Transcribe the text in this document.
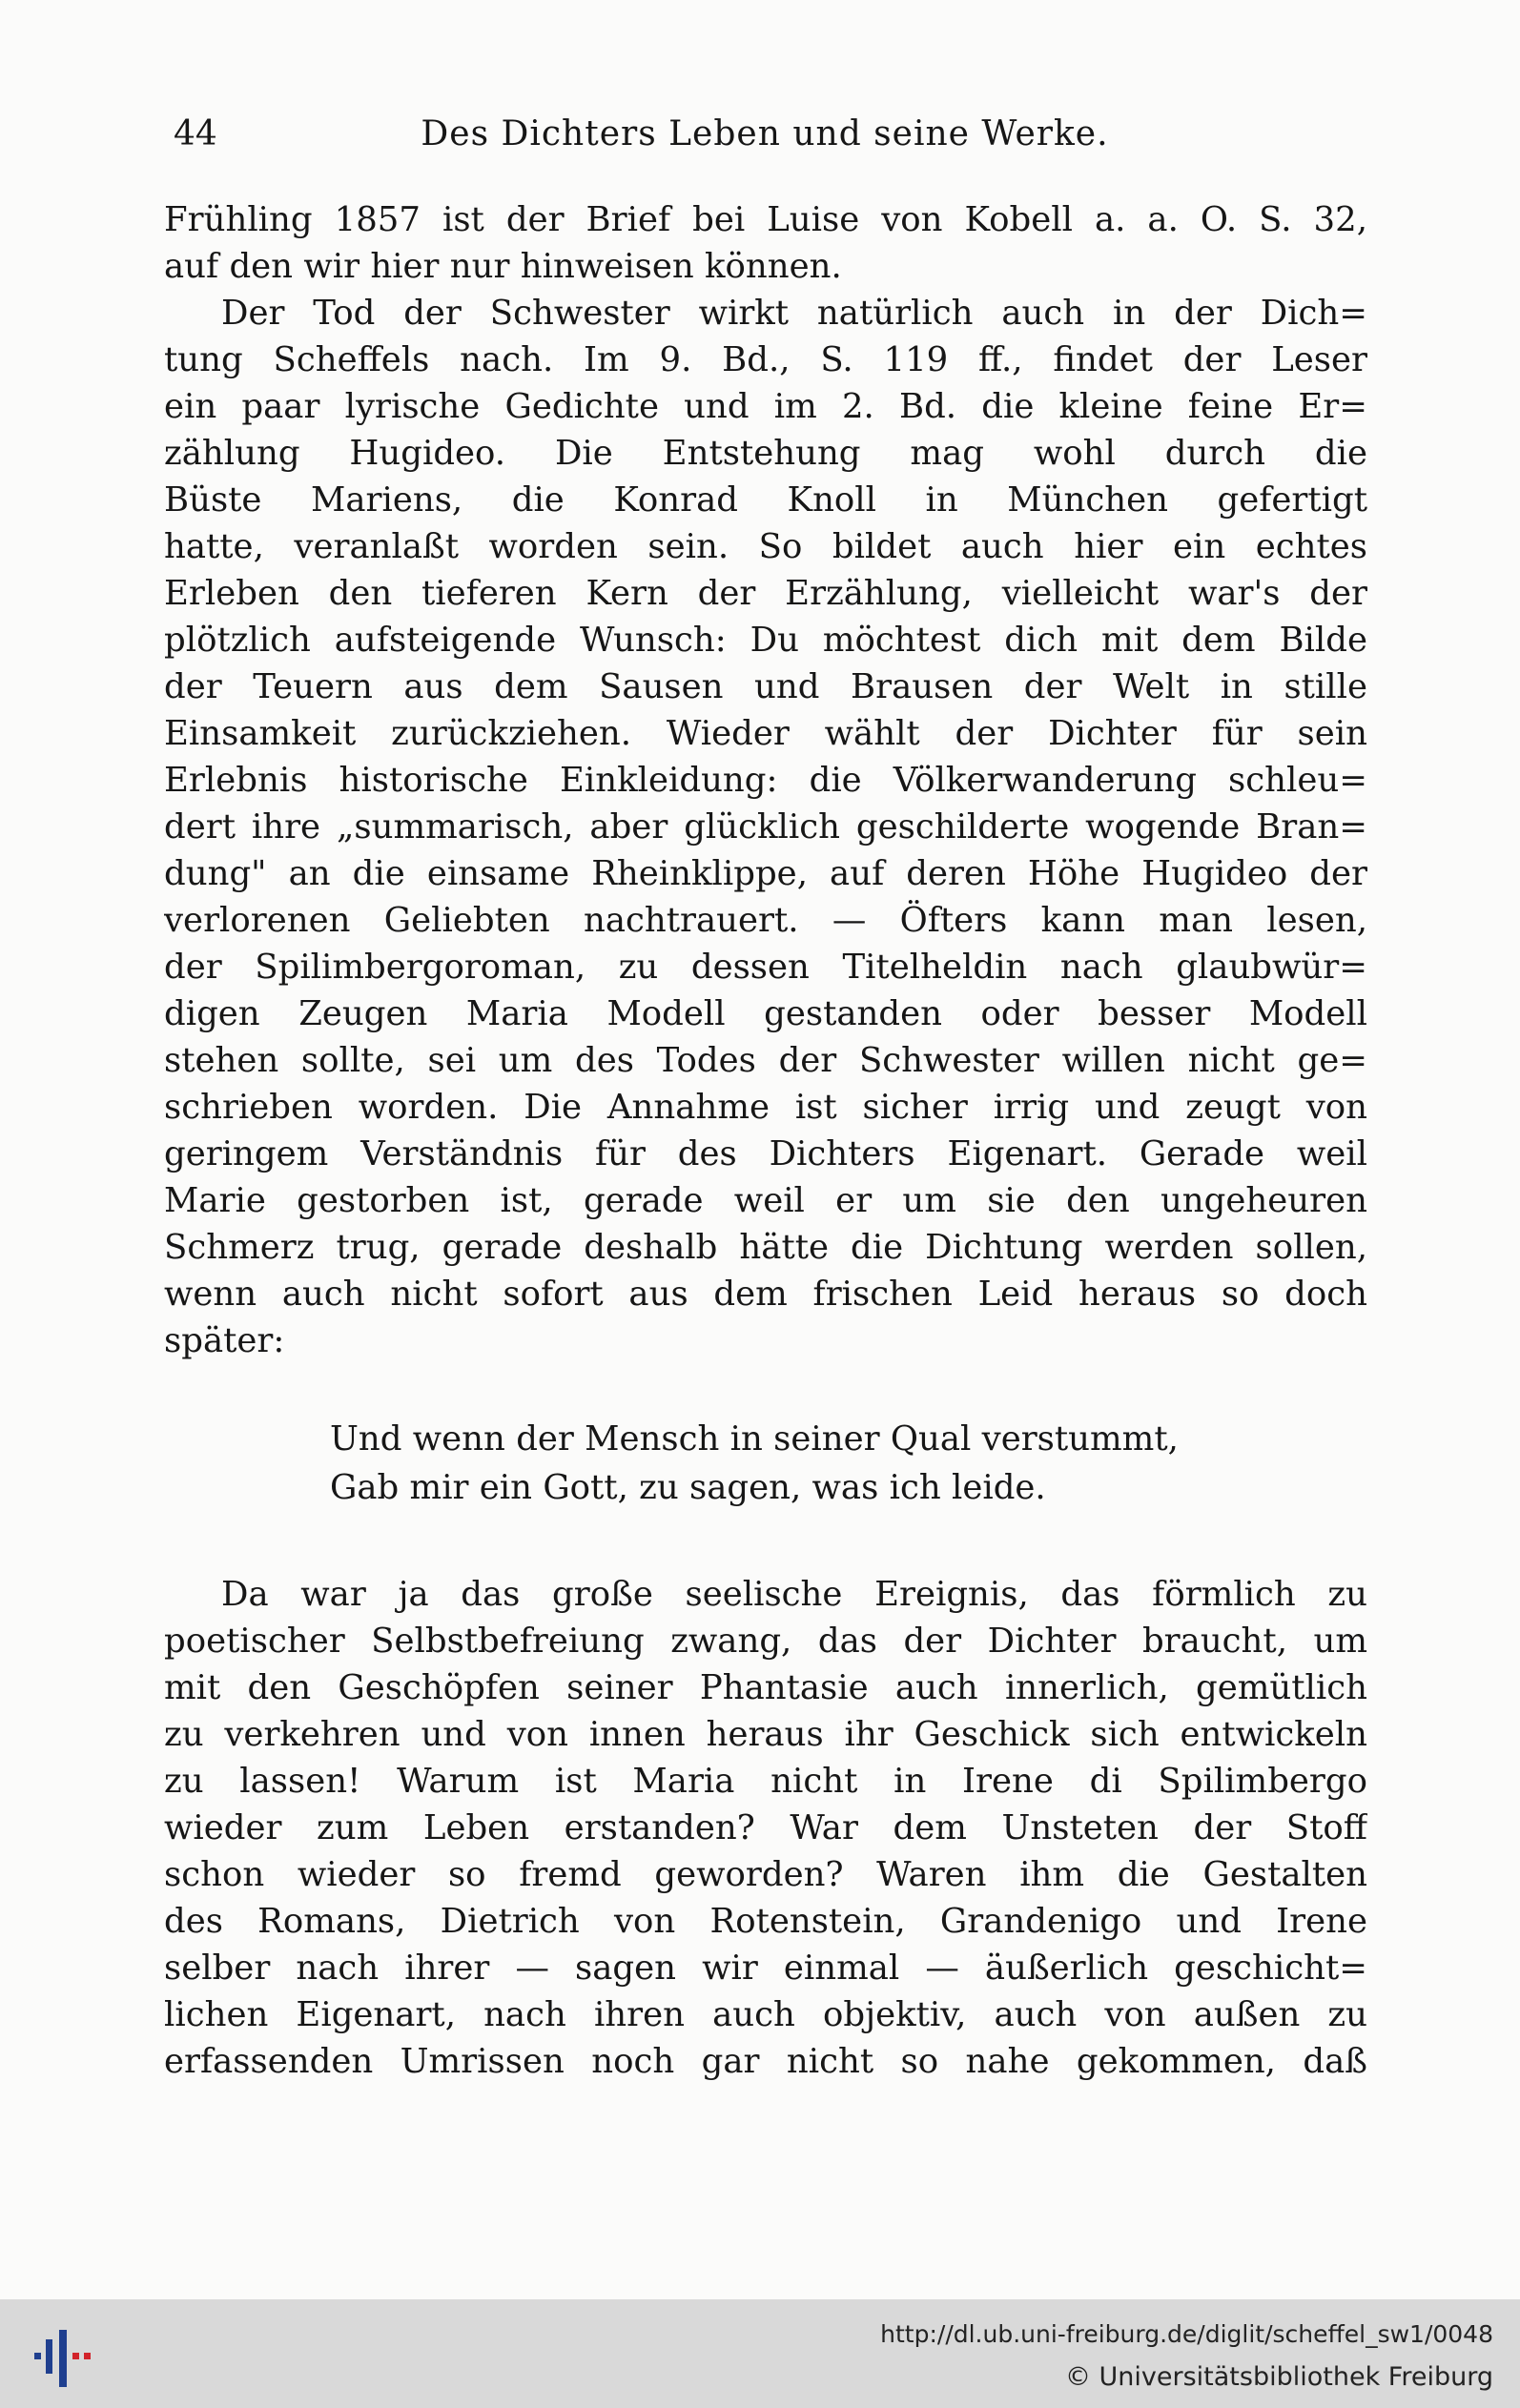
44	Des Dichters Leben und seine Werke.
Frühling 1857 ist der Brief bei Luise von Kobell a. a. O. S. 32,
auf den wir hier nur hinweisen können.
Der Tod der Schwester wirkt natürlich auch in der Dich=
tung Scheffels nach. Im 9. Bd., S. 119 ff., findet der Leser
ein paar lyrische Gedichte und im 2. Bd. die kleine feine Er=
zählung Hugideo. Die Entstehung mag wohl durch die
Büste Mariens, die Konrad Knoll in München gefertigt
hatte, veranlaßt worden sein. So bildet auch hier ein echtes
Erleben den tieferen Kern der Erzählung, vielleicht war's der
plötzlich aufsteigende Wunsch: Du möchtest dich mit dem Bilde
der Teuern aus dem Sausen und Brausen der Welt in stille
Einsamkeit zurückziehen. Wieder wählt der Dichter für sein
Erlebnis historische Einkleidung: die Völkerwanderung schleu=
dert ihre „summarisch, aber glücklich geschilderte wogende Bran=
dung" an die einsame Rheinklippe, auf deren Höhe Hugideo der
verlorenen Geliebten nachtrauert. — Öfters kann man lesen,
der Spilimbergoroman, zu dessen Titelheldin nach glaubwür=
digen Zeugen Maria Modell gestanden oder besser Modell
stehen sollte, sei um des Todes der Schwester willen nicht ge=
schrieben worden. Die Annahme ist sicher irrig und zeugt von
geringem Verständnis für des Dichters Eigenart. Gerade weil
Marie gestorben ist, gerade weil er um sie den ungeheuren
Schmerz trug, gerade deshalb hätte die Dichtung werden sollen,
wenn auch nicht sofort aus dem frischen Leid heraus so doch
später:
Und wenn der Mensch in seiner Qual verstummt,
Gab mir ein Gott, zu sagen, was ich leide.
Da war ja das große seelische Ereignis, das förmlich zu
poetischer Selbstbefreiung zwang, das der Dichter braucht, um
mit den Geschöpfen seiner Phantasie auch innerlich, gemütlich
zu verkehren und von innen heraus ihr Geschick sich entwickeln
zu lassen! Warum ist Maria nicht in Irene di Spilimbergo
wieder zum Leben erstanden? War dem Unsteten der Stoff
schon wieder so fremd geworden? Waren ihm die Gestalten
des Romans, Dietrich von Rotenstein, Grandenigo und Irene
selber nach ihrer — sagen wir einmal — äußerlich geschicht=
lichen Eigenart, nach ihren auch objektiv, auch von außen zu
erfassenden Umrissen noch gar nicht so nahe gekommen, daß
http://dl.ub.uni-freiburg.de/diglit/scheffel_sw1/0048
© Universitätsbibliothek Freiburg
